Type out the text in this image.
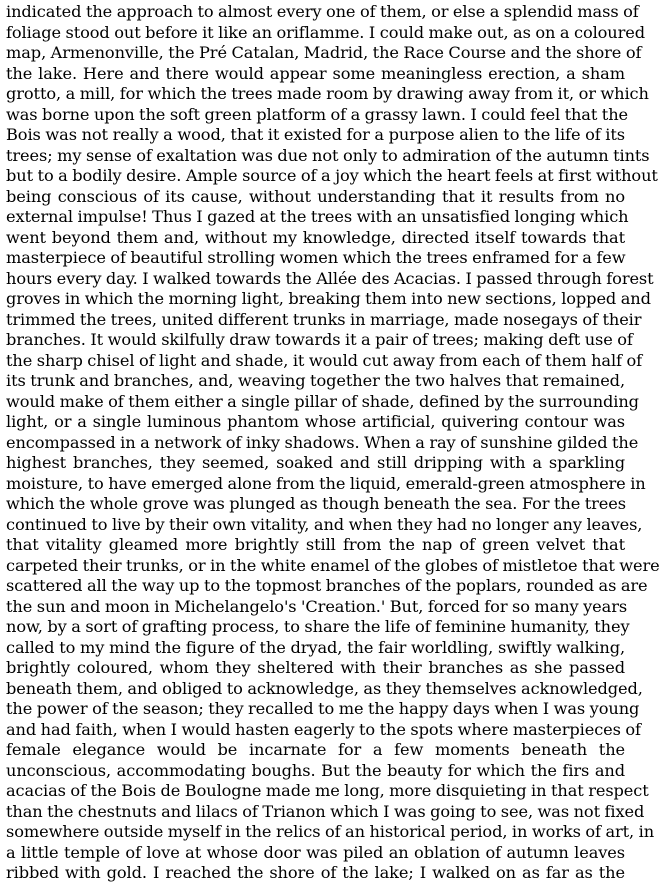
indicated the approach to almost every one of them, or else a splendid mass of
foliage stood out before it like an oriflamme. I could make out, as on a coloured
map, Armenonville, the Pré Catalan, Madrid, the Race Course and the shore of
the lake. Here and there would appear some meaningless erection, a sham
grotto, a mill, for which the trees made room by drawing away from it, or which
was borne upon the soft green platform of a grassy lawn. I could feel that the
Bois was not really a wood, that it existed for a purpose alien to the life of its
trees; my sense of exaltation was due not only to admiration of the autumn tints
but to a bodily desire. Ample source of a joy which the heart feels at first without
being conscious of its cause, without understanding that it results from no
external impulse! Thus I gazed at the trees with an unsatisfied longing which
went beyond them and, without my knowledge, directed itself towards that
masterpiece of beautiful strolling women which the trees enframed for a few
hours every day. I walked towards the Allée des Acacias. I passed through forest
groves in which the morning light, breaking them into new sections, lopped and
trimmed the trees, united different trunks in marriage, made nosegays of their
branches. It would skilfully draw towards it a pair of trees; making deft use of
the sharp chisel of light and shade, it would cut away from each of them half of
its trunk and branches, and, weaving together the two halves that remained,
would make of them either a single pillar of shade, defined by the surrounding
light, or a single luminous phantom whose artificial, quivering contour was
encompassed in a network of inky shadows. When a ray of sunshine gilded the
highest branches, they seemed, soaked and still dripping with a sparkling
moisture, to have emerged alone from the liquid, emerald-green atmosphere in
which the whole grove was plunged as though beneath the sea. For the trees
continued to live by their own vitality, and when they had no longer any leaves,
that vitality gleamed more brightly still from the nap of green velvet that
carpeted their trunks, or in the white enamel of the globes of mistletoe that were
scattered all the way up to the topmost branches of the poplars, rounded as are
the sun and moon in Michelangelo's 'Creation.' But, forced for so many years
now, by a sort of grafting process, to share the life of feminine humanity, they
called to my mind the figure of the dryad, the fair worldling, swiftly walking,
brightly coloured, whom they sheltered with their branches as she passed
beneath them, and obliged to acknowledge, as they themselves acknowledged,
the power of the season; they recalled to me the happy days when I was young
and had faith, when I would hasten eagerly to the spots where masterpieces of
female elegance would be incarnate for a few moments beneath the
unconscious, accommodating boughs. But the beauty for which the firs and
acacias of the Bois de Boulogne made me long, more disquieting in that respect
than the chestnuts and lilacs of Trianon which I was going to see, was not fixed
somewhere outside myself in the relics of an historical period, in works of art, in
a little temple of love at whose door was piled an oblation of autumn leaves
ribbed with gold. I reached the shore of the lake; I walked on as far as the
